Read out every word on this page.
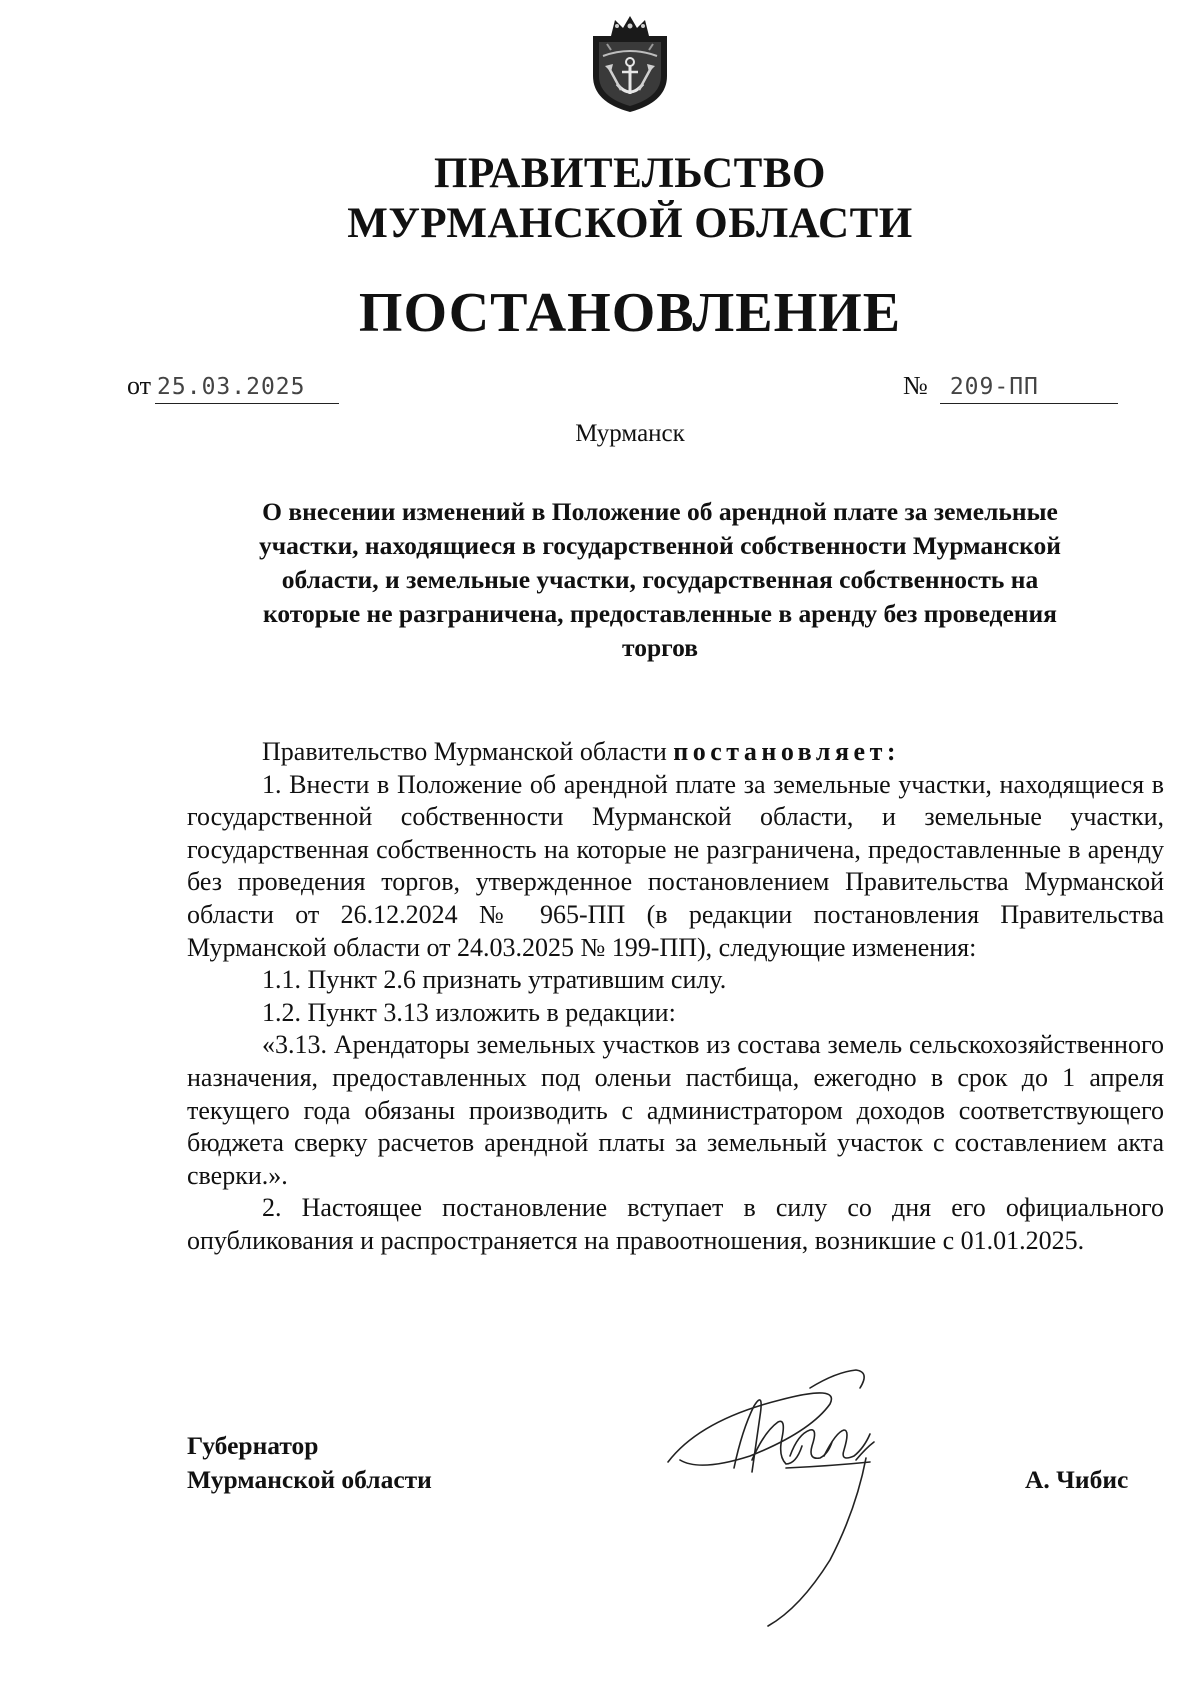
ПРАВИТЕЛЬСТВО
МУРМАНСКОЙ ОБЛАСТИ
ПОСТАНОВЛЕНИЕ
от 25.03.2025	№ 209-ПП
Мурманск
О внесении изменений в Положение об арендной плате за земельные
участки, находящиеся в государственной собственности Мурманской
области, и земельные участки, государственная собственность на
которые не разграничена, предоставленные в аренду без проведения
торгов
Правительство Мурманской области постановляет:
1. Внести в Положение об арендной плате за земельные участки, находящиеся в государственной собственности Мурманской области, и земельные участки, государственная собственность на которые не разграничена, предоставленные в аренду без проведения торгов, утвержденное постановлением Правительства Мурманской области от 26.12.2024 № 965-ПП (в редакции постановления Правительства Мурманской области от 24.03.2025 № 199-ПП), следующие изменения:
1.1. Пункт 2.6 признать утратившим силу.
1.2. Пункт 3.13 изложить в редакции:
«3.13. Арендаторы земельных участков из состава земель сельскохозяйственного назначения, предоставленных под оленьи пастбища, ежегодно в срок до 1 апреля текущего года обязаны производить с администратором доходов соответствующего бюджета сверку расчетов арендной платы за земельный участок с составлением акта сверки.».
2. Настоящее постановление вступает в силу со дня его официального опубликования и распространяется на правоотношения, возникшие с 01.01.2025.
Губернатор
Мурманской области	А. Чибис
